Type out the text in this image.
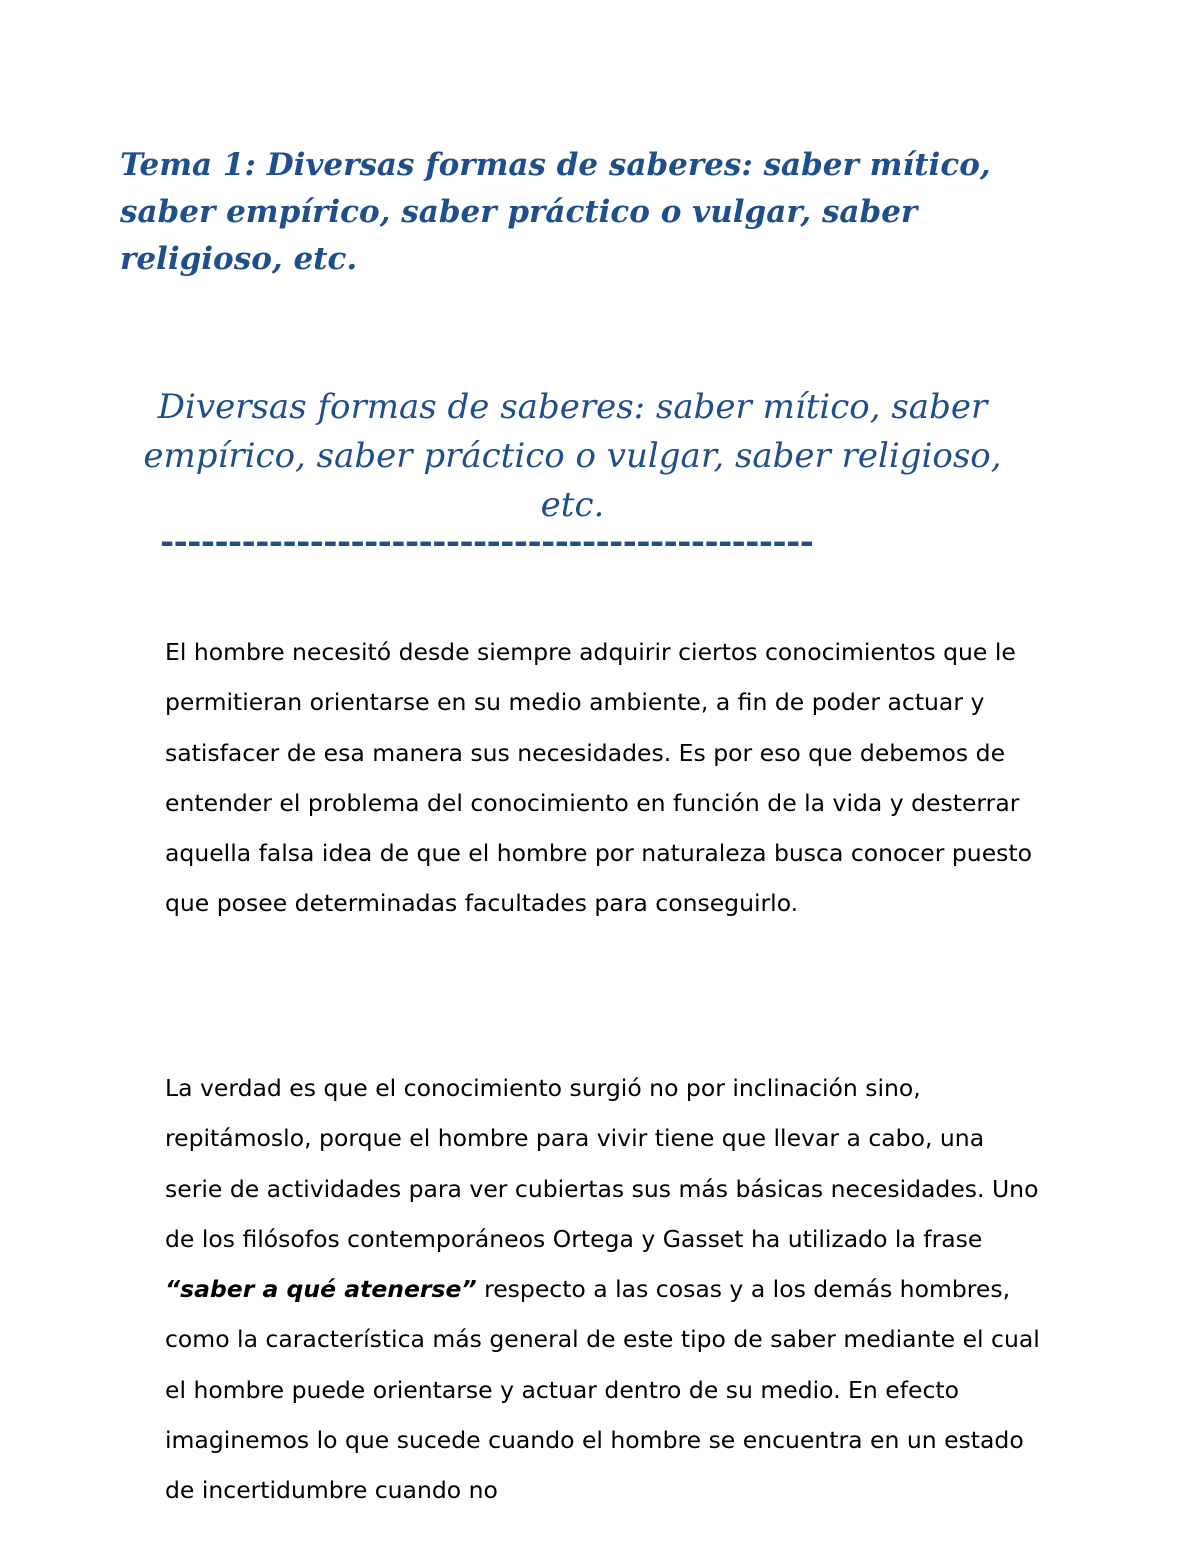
Tema 1: Diversas formas de saberes: saber mítico, saber empírico, saber práctico o vulgar, saber religioso, etc.
Diversas formas de saberes: saber mítico, saber empírico, saber práctico o vulgar, saber religioso, etc.
------------------------------------------------

El hombre necesitó desde siempre adquirir ciertos conocimientos que le permitieran orientarse en su medio ambiente, a fin de poder actuar y satisfacer de esa manera sus necesidades. Es por eso que debemos de entender el problema del conocimiento en función de la vida y desterrar aquella falsa idea de que el hombre por naturaleza busca conocer puesto que posee determinadas facultades para conseguirlo.

La verdad es que el conocimiento surgió no por inclinación sino, repitámoslo, porque el hombre para vivir tiene que llevar a cabo, una serie de actividades para ver cubiertas sus más básicas necesidades. Uno de los filósofos contemporáneos Ortega y Gasset ha utilizado la frase “saber a qué atenerse” respecto a las cosas y a los demás hombres, como la característica más general de este tipo de saber mediante el cual el hombre puede orientarse y actuar dentro de su medio. En efecto imaginemos lo que sucede cuando el hombre se encuentra en un estado de incertidumbre cuando no
